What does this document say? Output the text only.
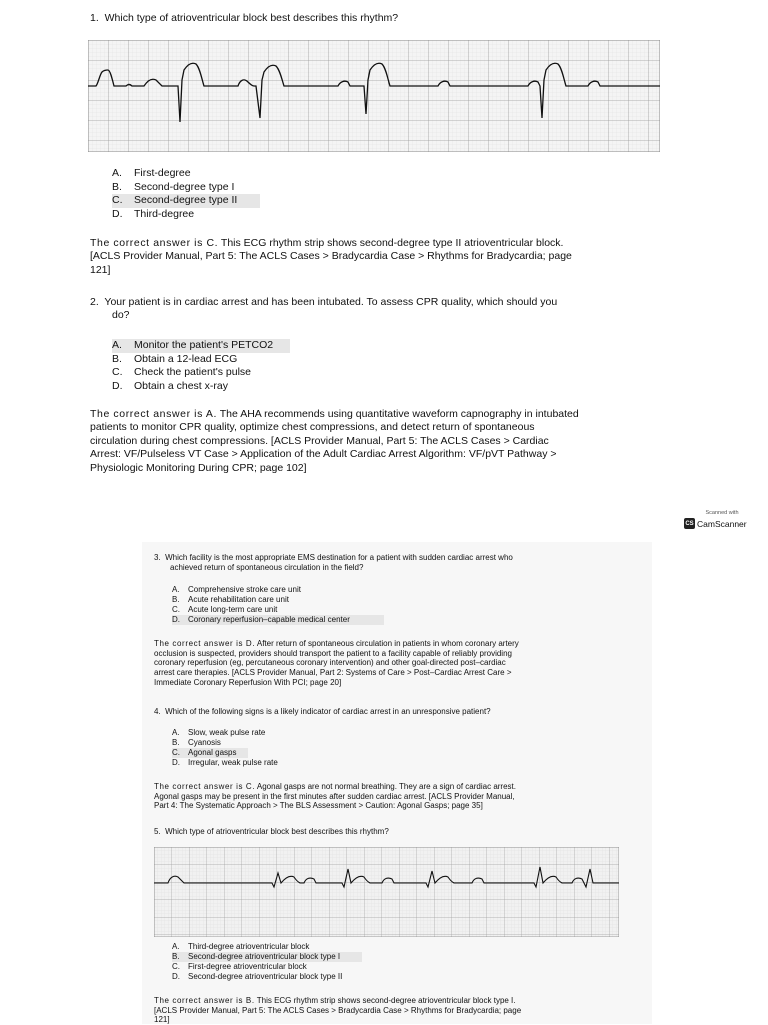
1. Which type of atrioventricular block best describes this rhythm?
A. First-degree
B. Second-degree type I
C. Second-degree type II
D. Third-degree

The correct answer is C. This ECG rhythm strip shows second-degree type II atrioventricular block.
[ACLS Provider Manual, Part 5: The ACLS Cases > Bradycardia Case > Rhythms for Bradycardia; page
121]

2. Your patient is in cardiac arrest and has been intubated. To assess CPR quality, which should you
do?
A. Monitor the patient's PETCO2
B. Obtain a 12-lead ECG
C. Check the patient's pulse
D. Obtain a chest x-ray

The correct answer is A. The AHA recommends using quantitative waveform capnography in intubated
patients to monitor CPR quality, optimize chest compressions, and detect return of spontaneous
circulation during chest compressions. [ACLS Provider Manual, Part 5: The ACLS Cases > Cardiac
Arrest: VF/Pulseless VT Case > Application of the Adult Cardiac Arrest Algorithm: VF/pVT Pathway >
Physiologic Monitoring During CPR; page 102]

Scanned with
CS CamScanner
3. Which facility is the most appropriate EMS destination for a patient with sudden cardiac arrest who
achieved return of spontaneous circulation in the field?
A. Comprehensive stroke care unit
B. Acute rehabilitation care unit
C. Acute long-term care unit
D. Coronary reperfusion–capable medical center

The correct answer is D. After return of spontaneous circulation in patients in whom coronary artery
occlusion is suspected, providers should transport the patient to a facility capable of reliably providing
coronary reperfusion (eg, percutaneous coronary intervention) and other goal-directed post–cardiac
arrest care therapies. [ACLS Provider Manual, Part 2: Systems of Care > Post–Cardiac Arrest Care >
Immediate Coronary Reperfusion With PCI; page 20]

4. Which of the following signs is a likely indicator of cardiac arrest in an unresponsive patient?
A. Slow, weak pulse rate
B. Cyanosis
C. Agonal gasps
D. Irregular, weak pulse rate

The correct answer is C. Agonal gasps are not normal breathing. They are a sign of cardiac arrest.
Agonal gasps may be present in the first minutes after sudden cardiac arrest. [ACLS Provider Manual,
Part 4: The Systematic Approach > The BLS Assessment > Caution: Agonal Gasps; page 35]

5. Which type of atrioventricular block best describes this rhythm?
A. Third-degree atrioventricular block
B. Second-degree atrioventricular block type I
C. First-degree atrioventricular block
D. Second-degree atrioventricular block type II

The correct answer is B. This ECG rhythm strip shows second-degree atrioventricular block type I.
[ACLS Provider Manual, Part 5: The ACLS Cases > Bradycardia Case > Rhythms for Bradycardia; page
121]
